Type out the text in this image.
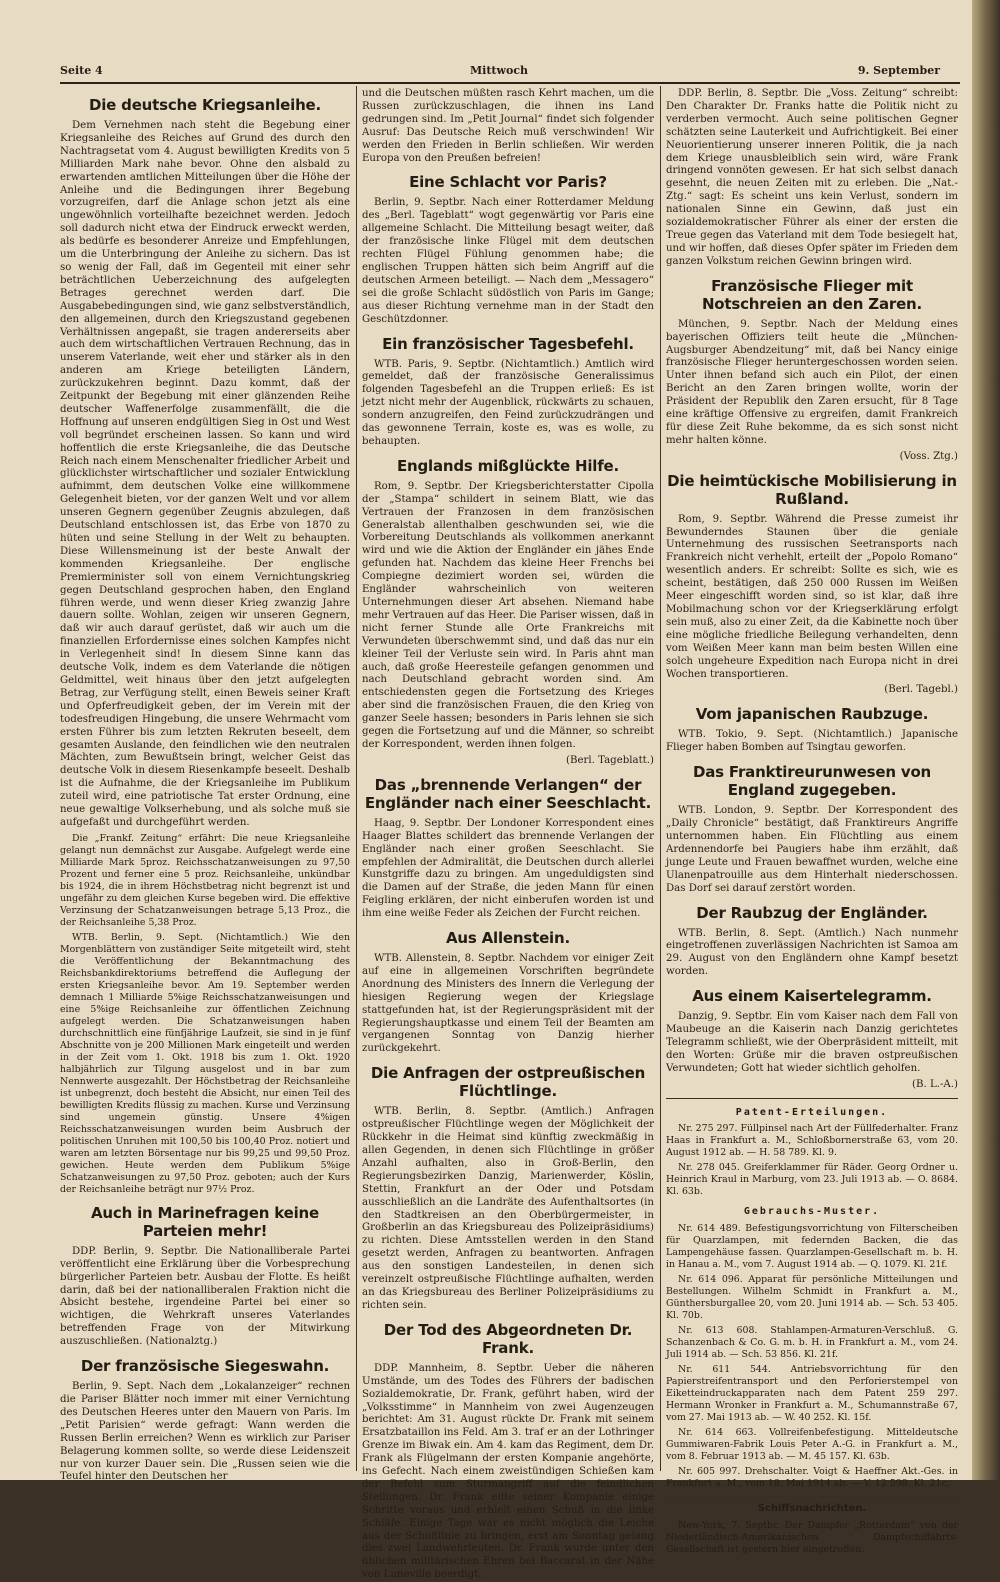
Seite 4	Mittwoch	9. September
Die deutsche Kriegsanleihe.

Dem Vernehmen nach steht die Begebung einer Kriegsanleihe des Reiches auf Grund des durch den Nachtragsetat vom 4. August bewilligten Kredits von 5 Milliarden Mark nahe bevor. Ohne den alsbald zu erwartenden amtlichen Mitteilungen über die Höhe der Anleihe und die Bedingungen ihrer Begebung vorzugreifen, darf die Anlage schon jetzt als eine ungewöhnlich vorteilhafte bezeichnet werden. Jedoch soll dadurch nicht etwa der Eindruck erweckt werden, als bedürfe es besonderer Anreize und Empfehlungen, um die Unterbringung der Anleihe zu sichern. Das ist so wenig der Fall, daß im Gegenteil mit einer sehr beträchtlichen Ueberzeichnung des aufgelegten Betrages gerechnet werden darf. Die Ausgabebedingungen sind, wie ganz selbstverständlich, den allgemeinen, durch den Kriegszustand gegebenen Verhältnissen angepaßt, sie tragen andererseits aber auch dem wirtschaftlichen Vertrauen Rechnung, das in unserem Vaterlande, weit eher und stärker als in den anderen am Kriege beteiligten Ländern, zurückzukehren beginnt. Dazu kommt, daß der Zeitpunkt der Begebung mit einer glänzenden Reihe deutscher Waffenerfolge zusammenfällt, die die Hoffnung auf unseren endgültigen Sieg in Ost und West voll begründet erscheinen lassen. So kann und wird hoffentlich die erste Kriegsanleihe, die das Deutsche Reich nach einem Menschenalter friedlicher Arbeit und glücklichster wirtschaftlicher und sozialer Entwicklung aufnimmt, dem deutschen Volke eine willkommene Gelegenheit bieten, vor der ganzen Welt und vor allem unseren Gegnern gegenüber Zeugnis abzulegen, daß Deutschland entschlossen ist, das Erbe von 1870 zu hüten und seine Stellung in der Welt zu behaupten. Diese Willensmeinung ist der beste Anwalt der kommenden Kriegsanleihe. Der englische Premierminister soll von einem Vernichtungskrieg gegen Deutschland gesprochen haben, den England führen werde, und wenn dieser Krieg zwanzig Jahre dauern sollte. Wohlan, zeigen wir unseren Gegnern, daß wir auch darauf gerüstet, daß wir auch um die finanziellen Erfordernisse eines solchen Kampfes nicht in Verlegenheit sind! In diesem Sinne kann das deutsche Volk, indem es dem Vaterlande die nötigen Geldmittel, weit hinaus über den jetzt aufgelegten Betrag, zur Verfügung stellt, einen Beweis seiner Kraft und Opferfreudigkeit geben, der im Verein mit der todesfreudigen Hingebung, die unsere Wehrmacht vom ersten Führer bis zum letzten Rekruten beseelt, dem gesamten Auslande, den feindlichen wie den neutralen Mächten, zum Bewußtsein bringt, welcher Geist das deutsche Volk in diesem Riesenkampfe beseelt. Deshalb ist die Aufnahme, die der Kriegsanleihe im Publikum zuteil wird, eine patriotische Tat erster Ordnung, eine neue gewaltige Volkserhebung, und als solche muß sie aufgefaßt und durchgeführt werden.

Die „Frankf. Zeitung“ erfährt: Die neue Kriegsanleihe gelangt nun demnächst zur Ausgabe. Aufgelegt werde eine Milliarde Mark 5proz. Reichsschatzanweisungen zu 97,50 Prozent und ferner eine 5 proz. Reichsanleihe, unkündbar bis 1924, die in ihrem Höchstbetrag nicht begrenzt ist und ungefähr zu dem gleichen Kurse begeben wird. Die effektive Verzinsung der Schatzanweisungen betrage 5,13 Proz., die der Reichsanleihe 5,38 Proz.

WTB. Berlin, 9. Sept. (Nichtamtlich.) Wie den Morgenblättern von zuständiger Seite mitgeteilt wird, steht die Veröffentlichung der Bekanntmachung des Reichsbankdirektoriums betreffend die Auflegung der ersten Kriegsanleihe bevor. Am 19. September werden demnach 1 Milliarde 5%ige Reichsschatzanweisungen und eine 5%ige Reichsanleihe zur öffentlichen Zeichnung aufgelegt werden. Die Schatzanweisungen haben durchschnittlich eine fünfjährige Laufzeit, sie sind in je fünf Abschnitte von je 200 Millionen Mark eingeteilt und werden in der Zeit vom 1. Okt. 1918 bis zum 1. Okt. 1920 halbjährlich zur Tilgung ausgelost und in bar zum Nennwerte ausgezahlt. Der Höchstbetrag der Reichsanleihe ist unbegrenzt, doch besteht die Absicht, nur einen Teil des bewilligten Kredits flüssig zu machen. Kurse und Verzinsung sind ungemein günstig. Unsere 4%igen Reichsschatzanweisungen wurden beim Ausbruch der politischen Unruhen mit 100,50 bis 100,40 Proz. notiert und waren am letzten Börsentage nur bis 99,25 und 99,50 Proz. gewichen. Heute werden dem Publikum 5%ige Schatzanweisungen zu 97,50 Proz. geboten; auch der Kurs der Reichsanleihe beträgt nur 97½ Proz.

Auch in Marinefragen keine Parteien mehr!

DDP. Berlin, 9. Septbr. Die Nationalliberale Partei veröffentlicht eine Erklärung über die Vorbesprechung bürgerlicher Parteien betr. Ausbau der Flotte. Es heißt darin, daß bei der nationalliberalen Fraktion nicht die Absicht bestehe, irgendeine Partei bei einer so wichtigen, die Wehrkraft unseres Vaterlandes betreffenden Frage von der Mitwirkung auszuschließen. (Nationalztg.)

Der französische Siegeswahn.

Berlin, 9. Sept. Nach dem „Lokalanzeiger“ rechnen die Pariser Blätter noch immer mit einer Vernichtung des Deutschen Heeres unter den Mauern von Paris. Im „Petit Parisien“ werde gefragt: Wann werden die Russen Berlin erreichen? Wenn es wirklich zur Pariser Belagerung kommen sollte, so werde diese Leidenszeit nur von kurzer Dauer sein. Die „Russen seien wie die Teufel hinter den Deutschen her

und die Deutschen müßten rasch Kehrt machen, um die Russen zurückzuschlagen, die ihnen ins Land gedrungen sind. Im „Petit Journal“ findet sich folgender Ausruf: Das Deutsche Reich muß verschwinden! Wir werden den Frieden in Berlin schließen. Wir werden Europa von den Preußen befreien!

Eine Schlacht vor Paris?

Berlin, 9. Septbr. Nach einer Rotterdamer Meldung des „Berl. Tageblatt“ wogt gegenwärtig vor Paris eine allgemeine Schlacht. Die Mitteilung besagt weiter, daß der französische linke Flügel mit dem deutschen rechten Flügel Fühlung genommen habe; die englischen Truppen hätten sich beim Angriff auf die deutschen Armeen beteiligt. — Nach dem „Messagero“ sei die große Schlacht südöstlich von Paris im Gange; aus dieser Richtung vernehme man in der Stadt den Geschützdonner.

Ein französischer Tagesbefehl.

WTB. Paris, 9. Septbr. (Nichtamtlich.) Amtlich wird gemeldet, daß der französische Generalissimus folgenden Tagesbefehl an die Truppen erließ: Es ist jetzt nicht mehr der Augenblick, rückwärts zu schauen, sondern anzugreifen, den Feind zurückzudrängen und das gewonnene Terrain, koste es, was es wolle, zu behaupten.

Englands mißglückte Hilfe.

Rom, 9. Septbr. Der Kriegsberichterstatter Cipolla der „Stampa“ schildert in seinem Blatt, wie das Vertrauen der Franzosen in dem französischen Generalstab allenthalben geschwunden sei, wie die Vorbereitung Deutschlands als vollkommen anerkannt wird und wie die Aktion der Engländer ein jähes Ende gefunden hat. Nachdem das kleine Heer Frenchs bei Compiegne dezimiert worden sei, würden die Engländer wahrscheinlich von weiteren Unternehmungen dieser Art absehen. Niemand habe mehr Vertrauen auf das Heer. Die Pariser wissen, daß in nicht ferner Stunde alle Orte Frankreichs mit Verwundeten überschwemmt sind, und daß das nur ein kleiner Teil der Verluste sein wird. In Paris ahnt man auch, daß große Heeresteile gefangen genommen und nach Deutschland gebracht worden sind. Am entschiedensten gegen die Fortsetzung des Krieges aber sind die französischen Frauen, die den Krieg von ganzer Seele hassen; besonders in Paris lehnen sie sich gegen die Fortsetzung auf und die Männer, so schreibt der Korrespondent, werden ihnen folgen.

(Berl. Tageblatt.)

Das „brennende Verlangen“ der Engländer nach einer Seeschlacht.

Haag, 9. Septbr. Der Londoner Korrespondent eines Haager Blattes schildert das brennende Verlangen der Engländer nach einer großen Seeschlacht. Sie empfehlen der Admiralität, die Deutschen durch allerlei Kunstgriffe dazu zu bringen. Am ungeduldigsten sind die Damen auf der Straße, die jeden Mann für einen Feigling erklären, der nicht einberufen worden ist und ihm eine weiße Feder als Zeichen der Furcht reichen.

Aus Allenstein.

WTB. Allenstein, 8. Septbr. Nachdem vor einiger Zeit auf eine in allgemeinen Vorschriften begründete Anordnung des Ministers des Innern die Verlegung der hiesigen Regierung wegen der Kriegslage stattgefunden hat, ist der Regierungspräsident mit der Regierungshauptkasse und einem Teil der Beamten am vergangenen Sonntag von Danzig hierher zurückgekehrt.

Die Anfragen der ostpreußischen Flüchtlinge.

WTB. Berlin, 8. Septbr. (Amtlich.) Anfragen ostpreußischer Flüchtlinge wegen der Möglichkeit der Rückkehr in die Heimat sind künftig zweckmäßig in allen Gegenden, in denen sich Flüchtlinge in größer Anzahl aufhalten, also in Groß-Berlin, den Regierungsbezirken Danzig, Marienwerder, Köslin, Stettin, Frankfurt an der Oder und Potsdam ausschließlich an die Landräte des Aufenthaltsortes (in den Stadtkreisen an den Oberbürgermeister, in Großberlin an das Kriegsbureau des Polizeipräsidiums) zu richten. Diese Amtsstellen werden in den Stand gesetzt werden, Anfragen zu beantworten. Anfragen aus den sonstigen Landesteilen, in denen sich vereinzelt ostpreußische Flüchtlinge aufhalten, werden an das Kriegsbureau des Berliner Polizeipräsidiums zu richten sein.

Der Tod des Abgeordneten Dr. Frank.

DDP. Mannheim, 8. Septbr. Ueber die näheren Umstände, um des Todes des Führers der badischen Sozialdemokratie, Dr. Frank, geführt haben, wird der „Volksstimme“ in Mannheim von zwei Augenzeugen berichtet: Am 31. August rückte Dr. Frank mit seinem Ersatzbataillon ins Feld. Am 3. traf er an der Lothringer Grenze im Biwak ein. Am 4. kam das Regiment, dem Dr. Frank als Flügelmann der ersten Kompanie angehörte, ins Gefecht. Nach einem zweistündigen Schießen kam der Befehl zum Sturmangriff auf die feindlichen Stellungen. Dr. Frank eilte seiner Kompanie einige Schritte voraus und erhielt einen Schuß in die linke Schläfe. Einige Tage war es nicht möglich die Leiche aus der Schußlinie zu bringen, erst am Sonntag gelang dies zwei Landwehrleuten. Dr. Frank wurde unter den üblichen militärischen Ehren bei Baccarat in der Nähe von Luneville beerdigt.

DDP. Berlin, 8. Septbr. Die „Voss. Zeitung“ schreibt: Den Charakter Dr. Franks hatte die Politik nicht zu verderben vermocht. Auch seine politischen Gegner schätzten seine Lauterkeit und Aufrichtigkeit. Bei einer Neuorientierung unserer inneren Politik, die ja nach dem Kriege unausbleiblich sein wird, wäre Frank dringend vonnöten gewesen. Er hat sich selbst danach gesehnt, die neuen Zeiten mit zu erleben. Die „Nat.-Ztg.“ sagt: Es scheint uns kein Verlust, sondern im nationalen Sinne ein Gewinn, daß just ein sozialdemokratischer Führer als einer der ersten die Treue gegen das Vaterland mit dem Tode besiegelt hat, und wir hoffen, daß dieses Opfer später im Frieden dem ganzen Volkstum reichen Gewinn bringen wird.

Französische Flieger mit Notschreien an den Zaren.

München, 9. Septbr. Nach der Meldung eines bayerischen Offiziers teilt heute die „München-Augsburger Abendzeitung“ mit, daß bei Nancy einige französische Flieger heruntergeschossen worden seien. Unter ihnen befand sich auch ein Pilot, der einen Bericht an den Zaren bringen wollte, worin der Präsident der Republik den Zaren ersucht, für 8 Tage eine kräftige Offensive zu ergreifen, damit Frankreich für diese Zeit Ruhe bekomme, da es sich sonst nicht mehr halten könne.

(Voss. Ztg.)

Die heimtückische Mobilisierung in Rußland.

Rom, 9. Septbr. Während die Presse zumeist ihr Bewunderndes Staunen über die geniale Unternehmung des russischen Seetransports nach Frankreich nicht verhehlt, erteilt der „Popolo Romano“ wesentlich anders. Er schreibt: Sollte es sich, wie es scheint, bestätigen, daß 250 000 Russen im Weißen Meer eingeschifft worden sind, so ist klar, daß ihre Mobilmachung schon vor der Kriegserklärung erfolgt sein muß, also zu einer Zeit, da die Kabinette noch über eine mögliche friedliche Beilegung verhandelten, denn vom Weißen Meer kann man beim besten Willen eine solch ungeheure Expedition nach Europa nicht in drei Wochen transportieren.

(Berl. Tagebl.)

Vom japanischen Raubzuge.

WTB. Tokio, 9. Sept. (Nichtamtlich.) Japanische Flieger haben Bomben auf Tsingtau geworfen.

Das Franktireurunwesen von England zugegeben.

WTB. London, 9. Septbr. Der Korrespondent des „Daily Chronicle“ bestätigt, daß Franktireurs Angriffe unternommen haben. Ein Flüchtling aus einem Ardennendorfe bei Paugiers habe ihm erzählt, daß junge Leute und Frauen bewaffnet wurden, welche eine Ulanenpatrouille aus dem Hinterhalt niederschossen. Das Dorf sei darauf zerstört worden.

Der Raubzug der Engländer.

WTB. Berlin, 8. Sept. (Amtlich.) Nach nunmehr eingetroffenen zuverlässigen Nachrichten ist Samoa am 29. August von den Engländern ohne Kampf besetzt worden.

Aus einem Kaisertelegramm.

Danzig, 9. Septbr. Ein vom Kaiser nach dem Fall von Maubeuge an die Kaiserin nach Danzig gerichtetes Telegramm schließt, wie der Oberpräsident mitteilt, mit den Worten: Grüße mir die braven ostpreußischen Verwundeten; Gott hat wieder sichtlich geholfen.

(B. L.-A.)

Patent-Erteilungen.

Nr. 275 297. Füllpinsel nach Art der Füllfederhalter. Franz Haas in Frankfurt a. M., Schloßbornerstraße 63, vom 20. August 1912 ab. — H. 58 789. Kl. 9.

Nr. 278 045. Greiferklammer für Räder. Georg Ordner u. Heinrich Kraul in Marburg, vom 23. Juli 1913 ab. — O. 8684. Kl. 63b.

Gebrauchs-Muster.

Nr. 614 489. Befestigungsvorrichtung von Filterscheiben für Quarzlampen, mit federnden Backen, die das Lampengehäuse fassen. Quarzlampen-Gesellschaft m. b. H. in Hanau a. M., vom 7. August 1914 ab. — Q. 1079. Kl. 21f.

Nr. 614 096. Apparat für persönliche Mitteilungen und Bestellungen. Wilhelm Schmidt in Frankfurt a. M., Günthersburgallee 20, vom 20. Juni 1914 ab. — Sch. 53 405. Kl. 70b.

Nr. 613 608. Stahlampen-Armaturen-Verschluß. G. Schanzenbach & Co. G. m. b. H. in Frankfurt a. M., vom 24. Juli 1914 ab. — Sch. 53 856. Kl. 21f.

Nr. 611 544. Antriebsvorrichtung für den Papierstreifentransport und den Perforierstempel von Eiketteindruckapparaten nach dem Patent 259 297. Hermann Wronker in Frankfurt a. M., Schumannstraße 67, vom 27. Mai 1913 ab. — W. 40 252. Kl. 15f.

Nr. 614 663. Vollreifenbefestigung. Mitteldeutsche Gummiwaren-Fabrik Louis Peter A.-G. in Frankfurt a. M., vom 8. Februar 1913 ab. — M. 45 157. Kl. 63b.

Nr. 605 997. Drehschalter. Voigt & Haeffner Akt.-Ges. in Frankfurt a. M., vom 18. Mai 1914 ab. — V. 12 598. Kl. 21c.

Schiffsnachrichten.

New-York, 7. Septbr. Der Dampfer „Rotterdam“ von der Niederländisch-Amerikanischen Dampfschiffahrts-Gesellschaft ist gestern hier eingetroffen.
